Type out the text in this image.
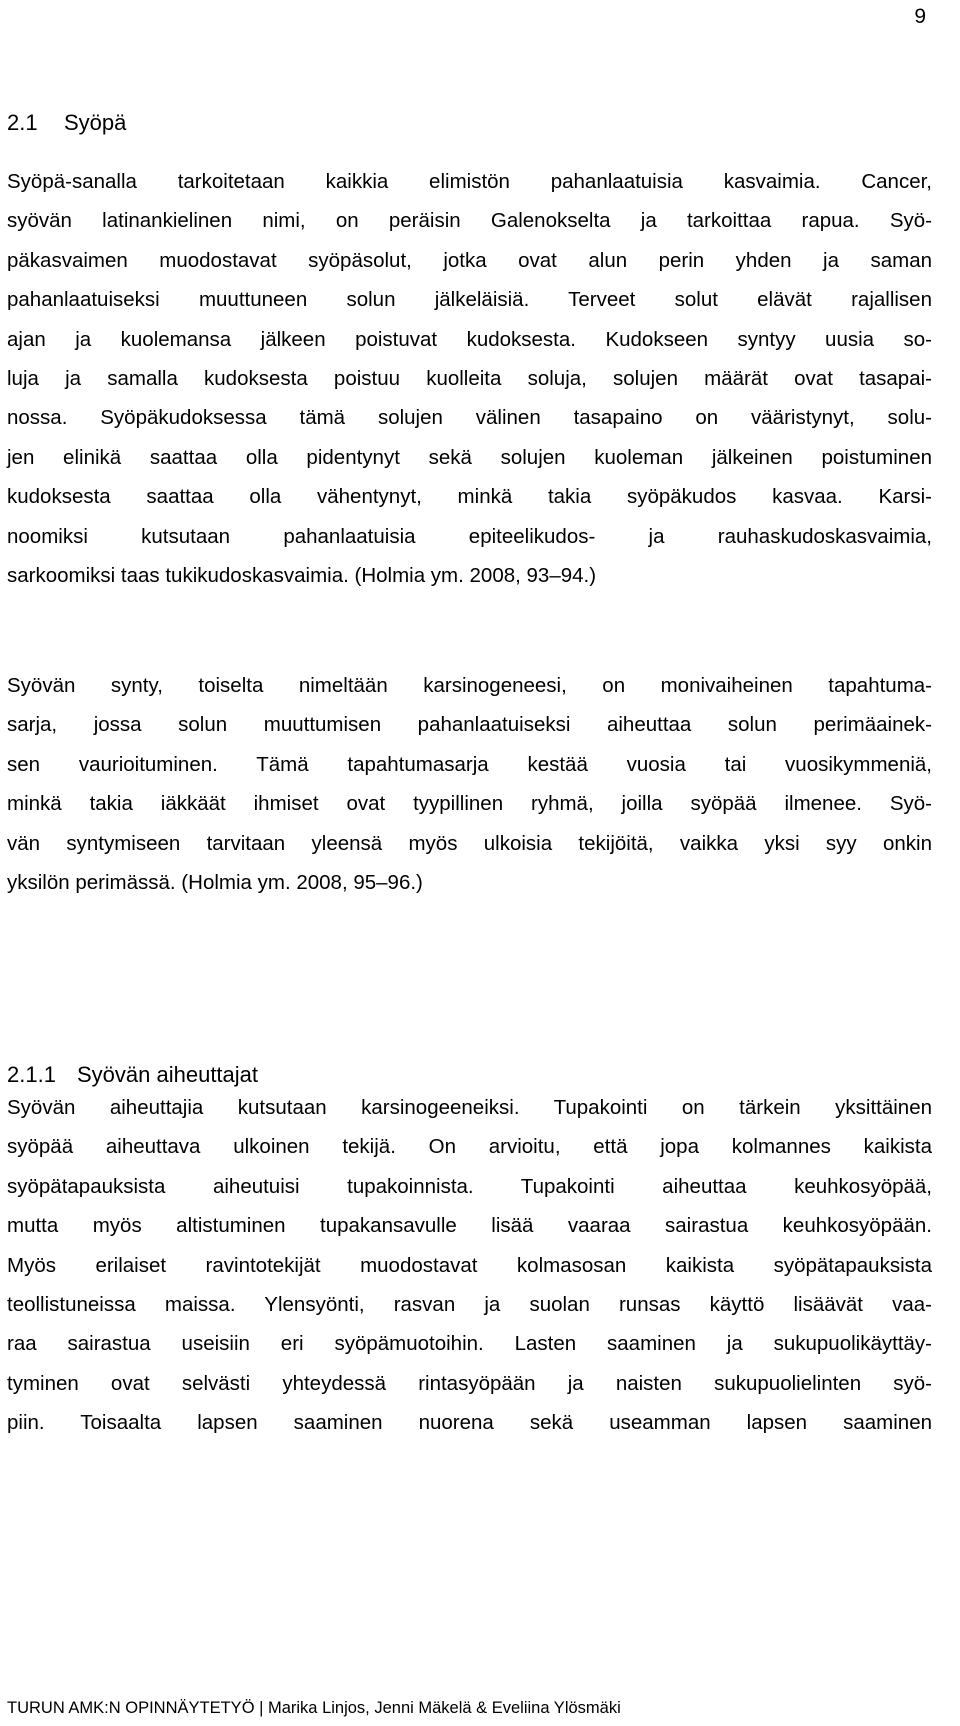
9
2.1 Syöpä
Syöpä-sanalla tarkoitetaan kaikkia elimistön pahanlaatuisia kasvaimia. Cancer,
syövän latinankielinen nimi, on peräisin Galenokselta ja tarkoittaa rapua. Syö-
päkasvaimen muodostavat syöpäsolut, jotka ovat alun perin yhden ja saman
pahanlaatuiseksi muuttuneen solun jälkeläisiä. Terveet solut elävät rajallisen
ajan ja kuolemansa jälkeen poistuvat kudoksesta. Kudokseen syntyy uusia so-
luja ja samalla kudoksesta poistuu kuolleita soluja, solujen määrät ovat tasapai-
nossa. Syöpäkudoksessa tämä solujen välinen tasapaino on vääristynyt, solu-
jen elinikä saattaa olla pidentynyt sekä solujen kuoleman jälkeinen poistuminen
kudoksesta saattaa olla vähentynyt, minkä takia syöpäkudos kasvaa. Karsi-
noomiksi kutsutaan pahanlaatuisia epiteelikudos- ja rauhaskudoskasvaimia,
sarkoomiksi taas tukikudoskasvaimia. (Holmia ym. 2008, 93–94.)
Syövän synty, toiselta nimeltään karsinogeneesi, on monivaiheinen tapahtuma-
sarja, jossa solun muuttumisen pahanlaatuiseksi aiheuttaa solun perimäainek-
sen vaurioituminen. Tämä tapahtumasarja kestää vuosia tai vuosikymmeniä,
minkä takia iäkkäät ihmiset ovat tyypillinen ryhmä, joilla syöpää ilmenee. Syö-
vän syntymiseen tarvitaan yleensä myös ulkoisia tekijöitä, vaikka yksi syy onkin
yksilön perimässä. (Holmia ym. 2008, 95–96.)
2.1.1 Syövän aiheuttajat
Syövän aiheuttajia kutsutaan karsinogeeneiksi. Tupakointi on tärkein yksittäinen
syöpää aiheuttava ulkoinen tekijä. On arvioitu, että jopa kolmannes kaikista
syöpätapauksista aiheutuisi tupakoinnista. Tupakointi aiheuttaa keuhkosyöpää,
mutta myös altistuminen tupakansavulle lisää vaaraa sairastua keuhkosyöpään.
Myös erilaiset ravintotekijät muodostavat kolmasosan kaikista syöpätapauksista
teollistuneissa maissa. Ylensyönti, rasvan ja suolan runsas käyttö lisäävät vaa-
raa sairastua useisiin eri syöpämuotoihin. Lasten saaminen ja sukupuolikäyttäy-
tyminen ovat selvästi yhteydessä rintasyöpään ja naisten sukupuolielinten syö-
piin. Toisaalta lapsen saaminen nuorena sekä useamman lapsen saaminen
TURUN AMK:N OPINNÄYTETYÖ | Marika Linjos, Jenni Mäkelä & Eveliina Ylösmäki
